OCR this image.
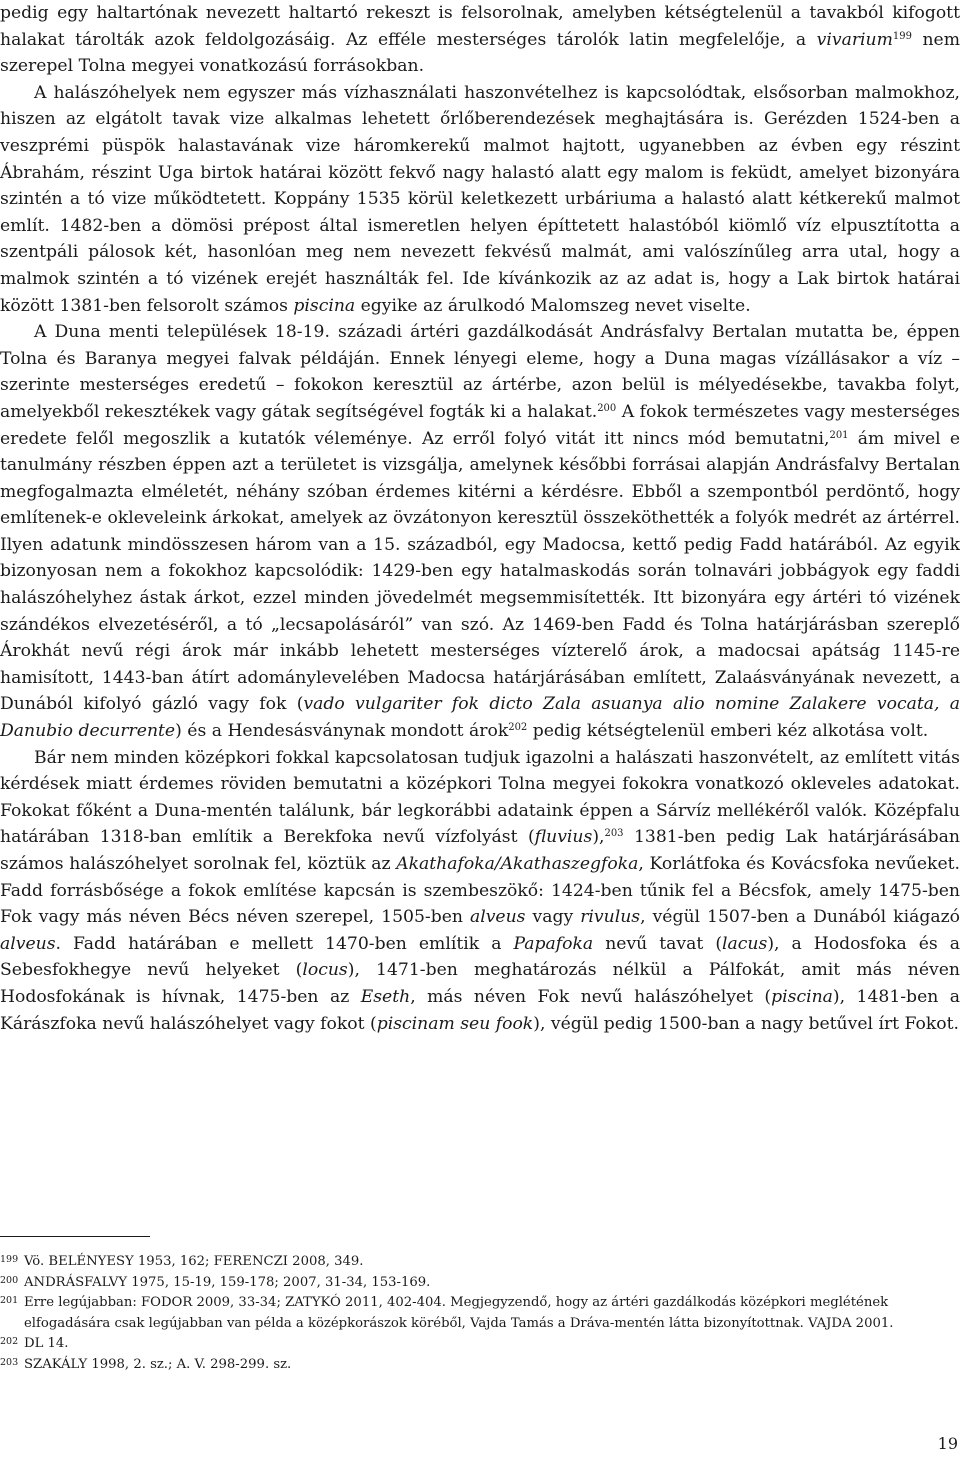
pedig egy haltartónak nevezett haltartó rekeszt is felsorolnak, amelyben kétségtelenül a tavakból kifogott halakat tárolták azok feldolgozásáig. Az efféle mesterséges tárolók latin megfelelője, a vivarium$^{199}$ nem szerepel Tolna megyei vonatkozású forrásokban.

A halászóhelyek nem egyszer más vízhasználati haszonvételhez is kapcsolódtak, elsősorban malmokhoz, hiszen az elgátolt tavak vize alkalmas lehetett őrlőberendezések meghajtására is. Gerézden 1524-ben a veszprémi püspök halastavának vize háromkerekű malmot hajtott, ugyanebben az évben egy részint Ábrahám, részint Uga birtok határai között fekvő nagy halastó alatt egy malom is feküdt, amelyet bizonyára szintén a tó vize működtetett. Koppány 1535 körül keletkezett urbáriuma a halastó alatt kétkerekű malmot említ. 1482-ben a dömösi prépost által ismeretlen helyen építtetett halastóból kiömlő víz elpusztította a szentpáli pálosok két, hasonlóan meg nem nevezett fekvésű malmát, ami valószínűleg arra utal, hogy a malmok szintén a tó vizének erejét használták fel. Ide kívánkozik az az adat is, hogy a Lak birtok határai között 1381-ben felsorolt számos piscina egyike az árulkodó Malomszeg nevet viselte.

A Duna menti települések 18-19. századi ártéri gazdálkodását Andrásfalvy Bertalan mutatta be, éppen Tolna és Baranya megyei falvak példáján. Ennek lényegi eleme, hogy a Duna magas vízállásakor a víz – szerinte mesterséges eredetű – fokokon keresztül az ártérbe, azon belül is mélyedésekbe, tavakba folyt, amelyekből rekesztékek vagy gátak segítségével fogták ki a halakat.$^{200}$ A fokok természetes vagy mesterséges eredete felől megoszlik a kutatók véleménye. Az erről folyó vitát itt nincs mód bemutatni,$^{201}$ ám mivel e tanulmány részben éppen azt a területet is vizsgálja, amelynek későbbi forrásai alapján Andrásfalvy Bertalan megfogalmazta elméletét, néhány szóban érdemes kitérni a kérdésre. Ebből a szempontból perdöntő, hogy említenek-e okleveleink árkokat, amelyek az övzátonyon keresztül összeköthették a folyók medrét az ártérrel. Ilyen adatunk mindösszesen három van a 15. századból, egy Madocsa, kettő pedig Fadd határából. Az egyik bizonyosan nem a fokokhoz kapcsolódik: 1429-ben egy hatalmaskodás során tolnavári jobbágyok egy faddi halászóhelyhez ástak árkot, ezzel minden jövedelmét megsemmisítették. Itt bizonyára egy ártéri tó vizének szándékos elvezetéséről, a tó „lecsapolásáról” van szó. Az 1469-ben Fadd és Tolna határjárásban szereplő Árokhát nevű régi árok már inkább lehetett mesterséges vízterelő árok, a madocsai apátság 1145-re hamisított, 1443-ban átírt adománylevelében Madocsa határjárásában említett, Zalaásványának nevezett, a Dunából kifolyó gázló vagy fok (vado vulgariter fok dicto Zala asuanya alio nomine Zalakere vocata, a Danubio decurrente) és a Hendesásványnak mondott árok$^{202}$ pedig kétségtelenül emberi kéz alkotása volt.

Bár nem minden középkori fokkal kapcsolatosan tudjuk igazolni a halászati haszonvételt, az említett vitás kérdések miatt érdemes röviden bemutatni a középkori Tolna megyei fokokra vonatkozó okleveles adatokat. Fokokat főként a Duna-mentén találunk, bár legkorábbi adataink éppen a Sárvíz mellékéről valók. Középfalu határában 1318-ban említik a Berekfoka nevű vízfolyást (fluvius),$^{203}$ 1381-ben pedig Lak határjárásában számos halászóhelyet sorolnak fel, köztük az Akathafoka/Akathaszegfoka, Korlátfoka és Kovácsfoka nevűeket. Fadd forrásbősége a fokok említése kapcsán is szembeszökő: 1424-ben tűnik fel a Bécsfok, amely 1475-ben Fok vagy más néven Bécs néven szerepel, 1505-ben alveus vagy rivulus, végül 1507-ben a Dunából kiágazó alveus. Fadd határában e mellett 1470-ben említik a Papafoka nevű tavat (lacus), a Hodosfoka és a Sebesfokhegye nevű helyeket (locus), 1471-ben meghatározás nélkül a Pálfokát, amit más néven Hodosfokának is hívnak, 1475-ben az Eseth, más néven Fok nevű halászóhelyet (piscina), 1481-ben a Kárászfoka nevű halászóhelyet vagy fokot (piscinam seu fook), végül pedig 1500-ban a nagy betűvel írt Fokot.

199 Vö. BELÉNYESY 1953, 162; FERENCZI 2008, 349.
200 ANDRÁSFALVY 1975, 15-19, 159-178; 2007, 31-34, 153-169.
201 Erre legújabban: FODOR 2009, 33-34; ZATYKÓ 2011, 402-404. Megjegyzendő, hogy az ártéri gazdálkodás középkori meglétének elfogadására csak legújabban van példa a középkorászok köréből, Vajda Tamás a Dráva-mentén látta bizonyítottnak. VAJDA 2001.
202 DL 14.
203 SZAKÁLY 1998, 2. sz.; A. V. 298-299. sz.
19
